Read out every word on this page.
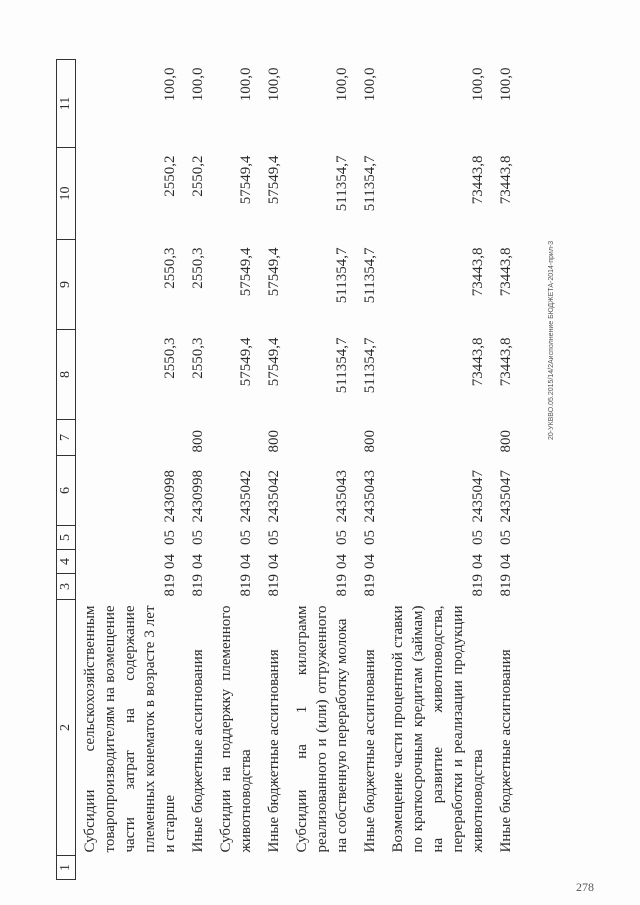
1	2	3	4	5	6	7	8	9	10	11
	Субсидии сельскохозяйственным товаропроизводителям на возмещение части затрат на содержание племенных конематок в возрасте 3 лет и старше	819	04	05	2430998		2550,3	2550,3	2550,2	100,0
	Иные бюджетные ассигнования	819	04	05	2430998	800	2550,3	2550,3	2550,2	100,0
	Субсидии на поддержку племенного животноводства	819	04	05	2435042		57549,4	57549,4	57549,4	100,0
	Иные бюджетные ассигнования	819	04	05	2435042	800	57549,4	57549,4	57549,4	100,0
	Субсидии на 1 килограмм реализованного и (или) отгруженного на собственную переработку молока	819	04	05	2435043		511354,7	511354,7	511354,7	100,0
	Иные бюджетные ассигнования	819	04	05	2435043	800	511354,7	511354,7	511354,7	100,0
	Возмещение части процентной ставки по краткосрочным кредитам (займам) на развитие животноводства, переработки и реализации продукции животноводства	819	04	05	2435047		73443,8	73443,8	73443,8	100,0
	Иные бюджетные ассигнования	819	04	05	2435047	800	73443,8	73443,8	73443,8	100,0
20-УКВВО.05.2015/14/2Аисполнение БЮДЖЕТА-2014-прил-3
278
